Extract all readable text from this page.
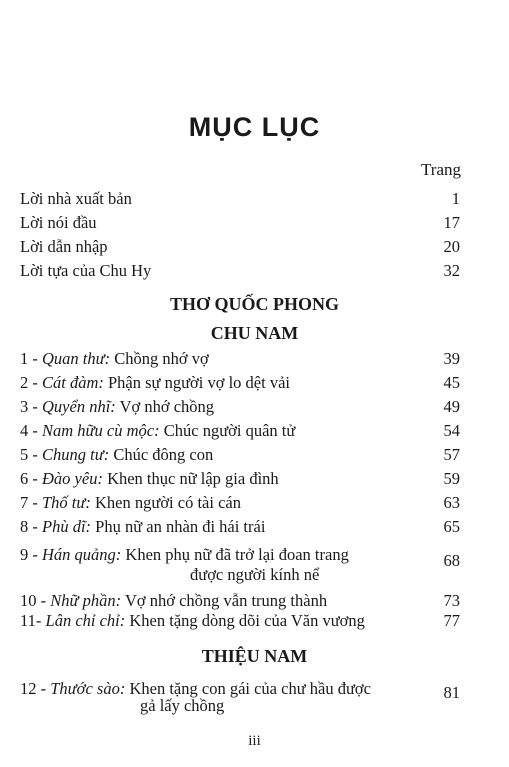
MỤC LỤC
Trang
Lời nhà xuất bản	1
Lời nói đầu	17
Lời dẫn nhập	20
Lời tựa của Chu Hy	32
THƠ QUỐC PHONG
CHU NAM
1 - Quan thư: Chồng nhớ vợ	39
2 - Cát đàm: Phận sự người vợ lo dệt vải	45
3 - Quyển nhĩ: Vợ nhớ chồng	49
4 - Nam hữu cù mộc: Chúc người quân tử	54
5 - Chung tư: Chúc đông con	57
6 - Đào yêu: Khen thục nữ lập gia đình	59
7 - Thố tư: Khen người có tài cán	63
8 - Phù dĩ: Phụ nữ an nhàn đi hái trái	65
9 - Hán quảng: Khen phụ nữ đã trở lại đoan trang	68
được người kính nể
10 - Nhữ phần: Vợ nhớ chồng vẫn trung thành	73
11- Lân chỉ chỉ: Khen tặng dòng dõi của Văn vương	77
THIỆU NAM
12 - Thước sào: Khen tặng con gái của chư hầu được	81
gả lấy chồng
iii
